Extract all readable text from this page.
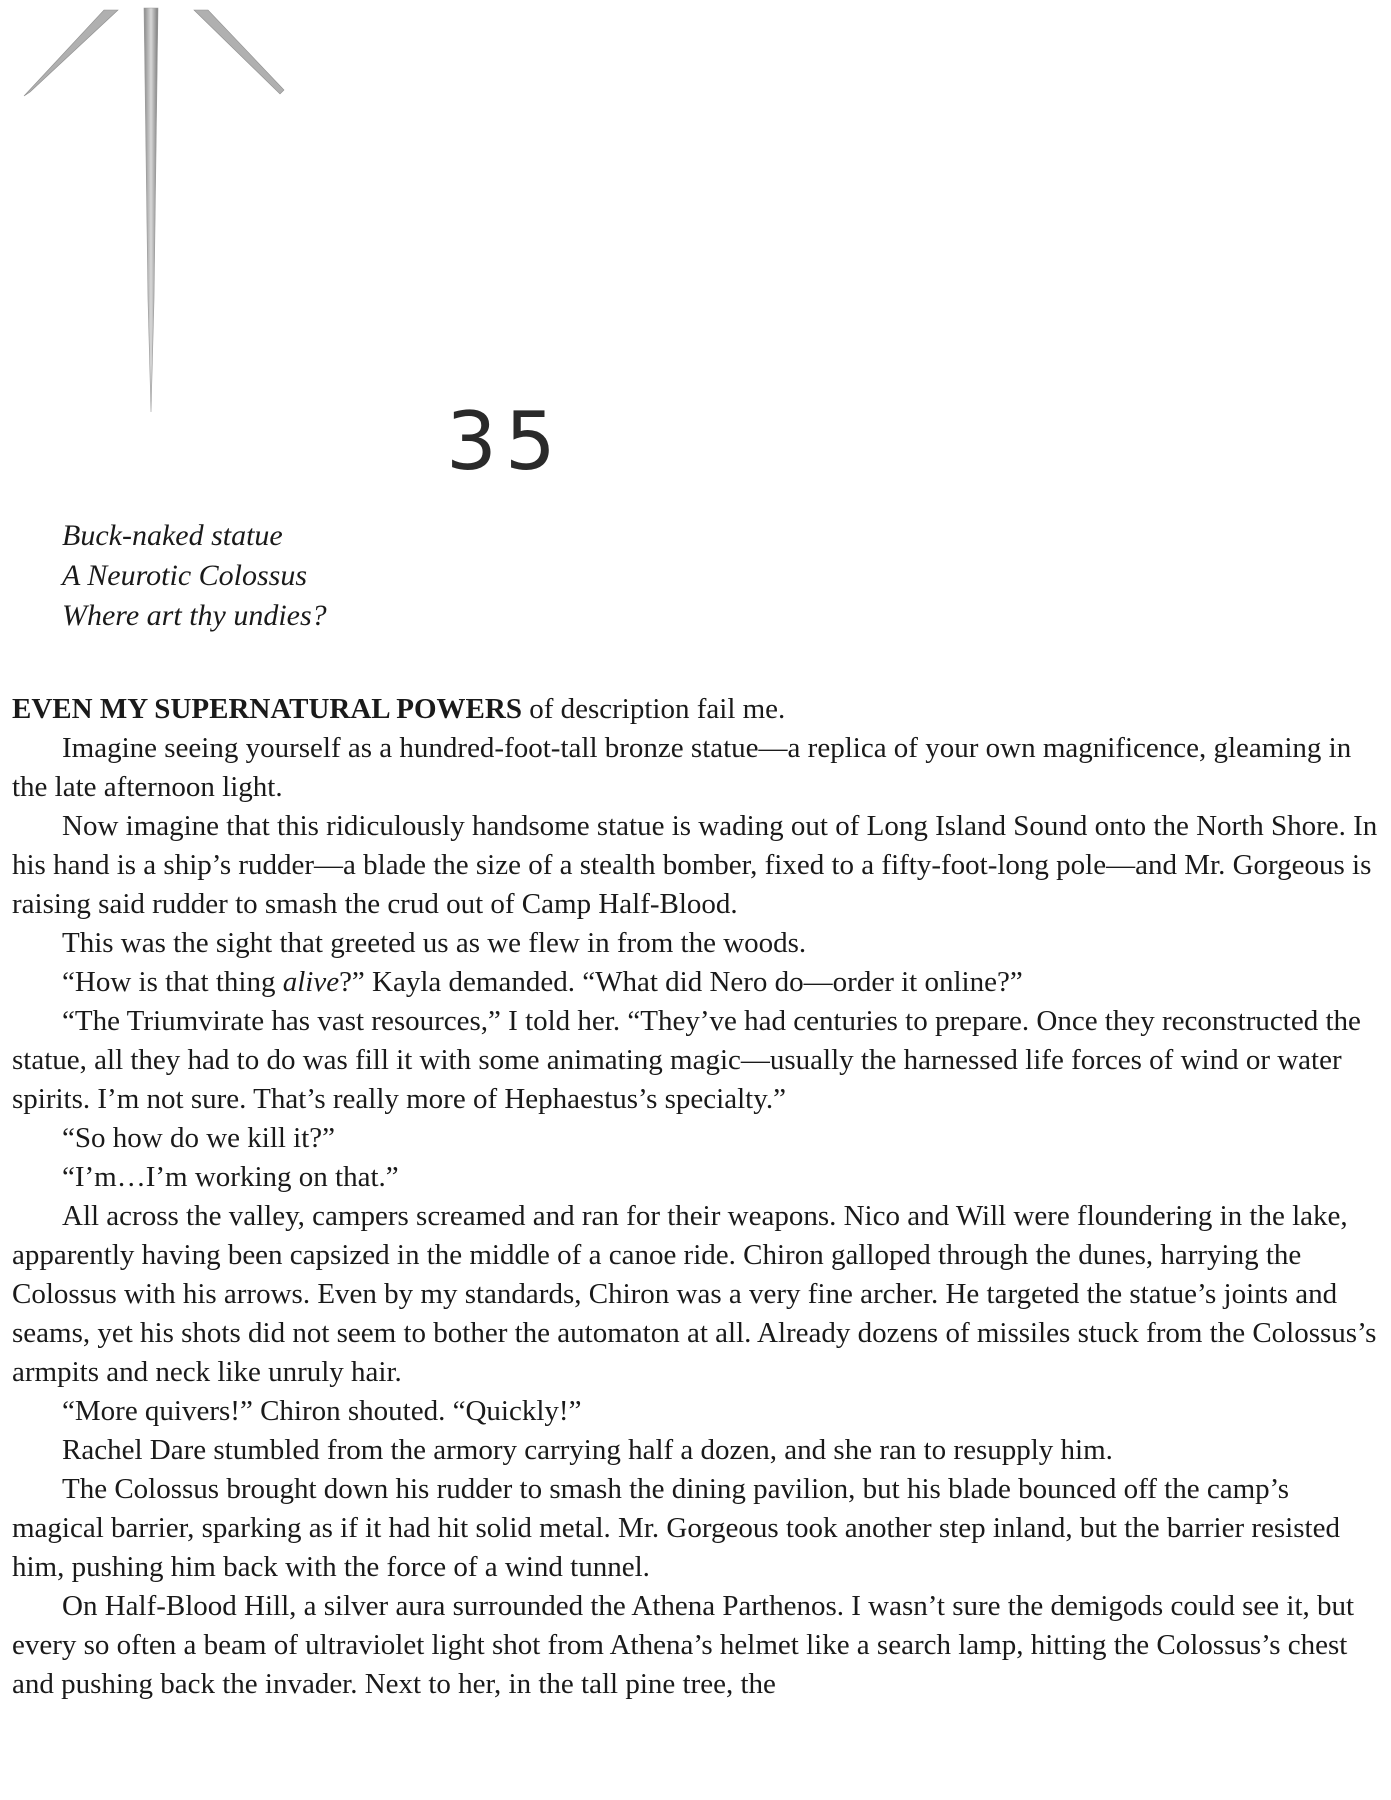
35
Buck-naked statue
A Neurotic Colossus
Where art thy undies?

EVEN MY SUPERNATURAL POWERS of description fail me.

Imagine seeing yourself as a hundred-foot-tall bronze statue—a replica of your own magnificence, gleaming in the late afternoon light.

Now imagine that this ridiculously handsome statue is wading out of Long Island Sound onto the North Shore. In his hand is a ship’s rudder—a blade the size of a stealth bomber, fixed to a fifty-foot-long pole—and Mr. Gorgeous is raising said rudder to smash the crud out of Camp Half-Blood.

This was the sight that greeted us as we flew in from the woods.

“How is that thing alive?” Kayla demanded. “What did Nero do—order it online?”

“The Triumvirate has vast resources,” I told her. “They’ve had centuries to prepare. Once they reconstructed the statue, all they had to do was fill it with some animating magic—usually the harnessed life forces of wind or water spirits. I’m not sure. That’s really more of Hephaestus’s specialty.”

“So how do we kill it?”

“I’m…I’m working on that.”

All across the valley, campers screamed and ran for their weapons. Nico and Will were floundering in the lake, apparently having been capsized in the middle of a canoe ride. Chiron galloped through the dunes, harrying the Colossus with his arrows. Even by my standards, Chiron was a very fine archer. He targeted the statue’s joints and seams, yet his shots did not seem to bother the automaton at all. Already dozens of missiles stuck from the Colossus’s armpits and neck like unruly hair.

“More quivers!” Chiron shouted. “Quickly!”

Rachel Dare stumbled from the armory carrying half a dozen, and she ran to resupply him.

The Colossus brought down his rudder to smash the dining pavilion, but his blade bounced off the camp’s magical barrier, sparking as if it had hit solid metal. Mr. Gorgeous took another step inland, but the barrier resisted him, pushing him back with the force of a wind tunnel.

On Half-Blood Hill, a silver aura surrounded the Athena Parthenos. I wasn’t sure the demigods could see it, but every so often a beam of ultraviolet light shot from Athena’s helmet like a search lamp, hitting the Colossus’s chest and pushing back the invader. Next to her, in the tall pine tree, the
